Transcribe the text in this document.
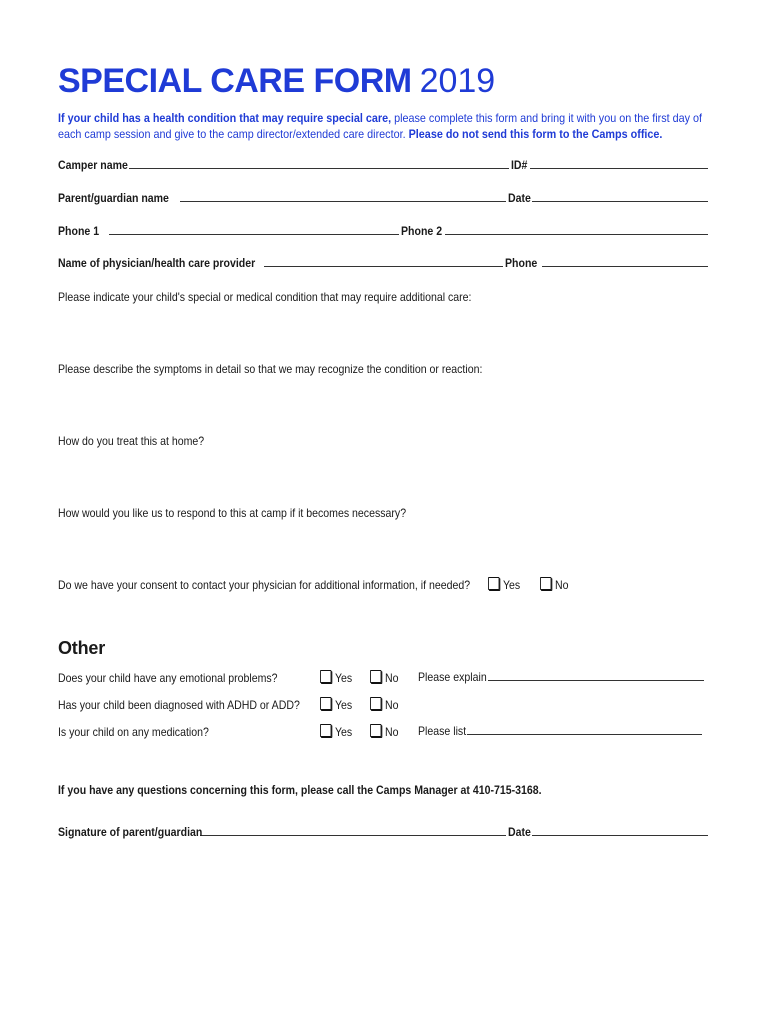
SPECIAL CARE FORM 2019
If your child has a health condition that may require special care, please complete this form and bring it with you on the first day of each camp session and give to the camp director/extended care director. Please do not send this form to the Camps office.
Camper name	ID#
Parent/guardian name	Date
Phone 1	Phone 2
Name of physician/health care provider	Phone
Please indicate your child's special or medical condition that may require additional care:
Please describe the symptoms in detail so that we may recognize the condition or reaction:
How do you treat this at home?
How would you like us to respond to this at camp if it becomes necessary?
Do we have your consent to contact your physician for additional information, if needed?	Yes	No
Other
Does your child have any emotional problems?	Yes	No Please explain
Has your child been diagnosed with ADHD or ADD?	Yes	No
Is your child on any medication?	Yes	No Please list
If you have any questions concerning this form, please call the Camps Manager at 410-715-3168.
Signature of parent/guardian	Date
